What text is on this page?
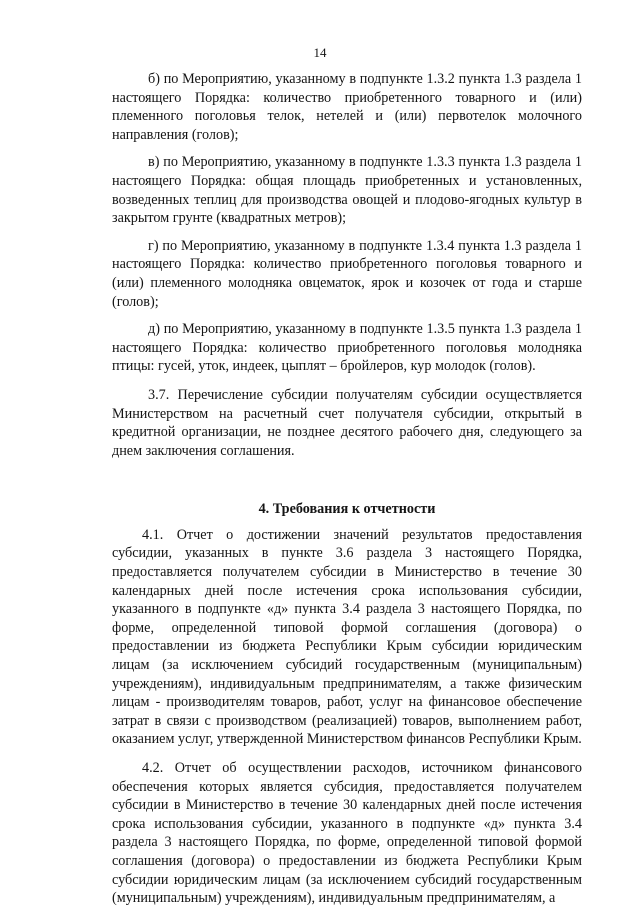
14

б) по Мероприятию, указанному в подпункте 1.3.2 пункта 1.3 раздела 1 настоящего Порядка: количество приобретенного товарного и (или) племенного поголовья телок, нетелей и (или) первотелок молочного направления (голов);

в) по Мероприятию, указанному в подпункте 1.3.3 пункта 1.3 раздела 1 настоящего Порядка: общая площадь приобретенных и установленных, возведенных теплиц для производства овощей и плодово-ягодных культур в закрытом грунте (квадратных метров);

г) по Мероприятию, указанному в подпункте 1.3.4 пункта 1.3 раздела 1 настоящего Порядка: количество приобретенного поголовья товарного и (или) племенного молодняка овцематок, ярок и козочек от года и старше (голов);

д) по Мероприятию, указанному в подпункте 1.3.5 пункта 1.3 раздела 1 настоящего Порядка: количество приобретенного поголовья молодняка птицы: гусей, уток, индеек, цыплят – бройлеров, кур молодок (голов).

3.7. Перечисление субсидии получателям субсидии осуществляется Министерством на расчетный счет получателя субсидии, открытый в кредитной организации, не позднее десятого рабочего дня, следующего за днем заключения соглашения.

4. Требования к отчетности

4.1. Отчет о достижении значений результатов предоставления субсидии, указанных в пункте 3.6 раздела 3 настоящего Порядка, предоставляется получателем субсидии в Министерство в течение 30 календарных дней после истечения срока использования субсидии, указанного в подпункте «д» пункта 3.4 раздела 3 настоящего Порядка, по форме, определенной типовой формой соглашения (договора) о предоставлении из бюджета Республики Крым субсидии юридическим лицам (за исключением субсидий государственным (муниципальным) учреждениям), индивидуальным предпринимателям, а также физическим лицам - производителям товаров, работ, услуг на финансовое обеспечение затрат в связи с производством (реализацией) товаров, выполнением работ, оказанием услуг, утвержденной Министерством финансов Республики Крым.

4.2. Отчет об осуществлении расходов, источником финансового обеспечения которых является субсидия, предоставляется получателем субсидии в Министерство в течение 30 календарных дней после истечения срока использования субсидии, указанного в подпункте «д» пункта 3.4 раздела 3 настоящего Порядка, по форме, определенной типовой формой соглашения (договора) о предоставлении из бюджета Республики Крым субсидии юридическим лицам (за исключением субсидий государственным (муниципальным) учреждениям), индивидуальным предпринимателям, а
